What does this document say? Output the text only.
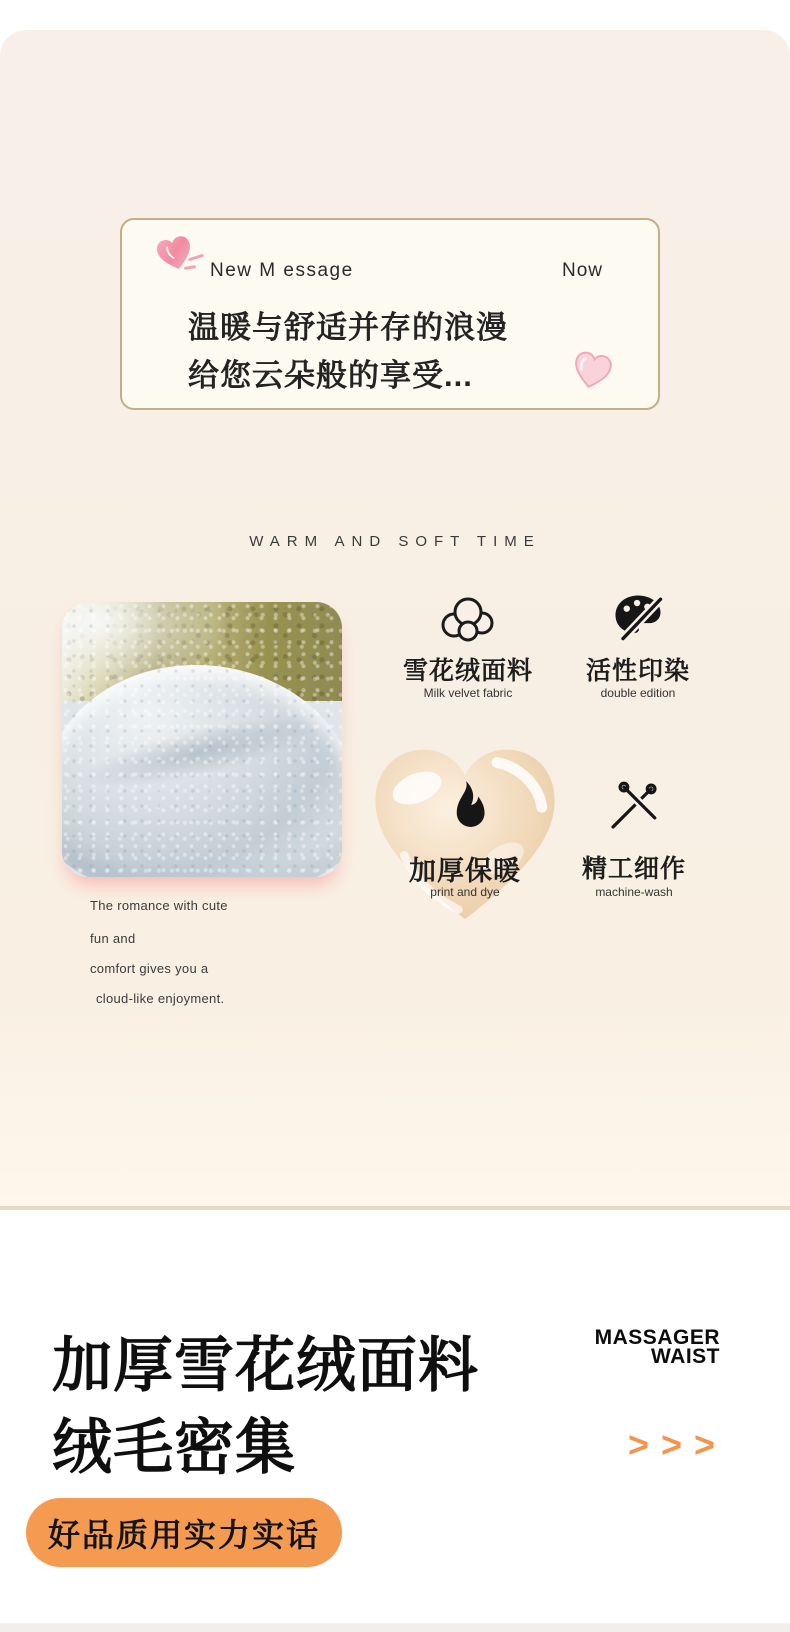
New M essage	Now
温暖与舒适并存的浪漫
给您云朵般的享受...
WARM AND SOFT TIME
The romance with cute
fun and
comfort gives you a
cloud-like enjoyment.
雪花绒面料
Milk velvet fabric
活性印染
double edition
加厚保暖
print and dye
精工细作
machine-wash
加厚雪花绒面料
绒毛密集
MASSAGER
WAIST
>>>
好品质用实力实话
